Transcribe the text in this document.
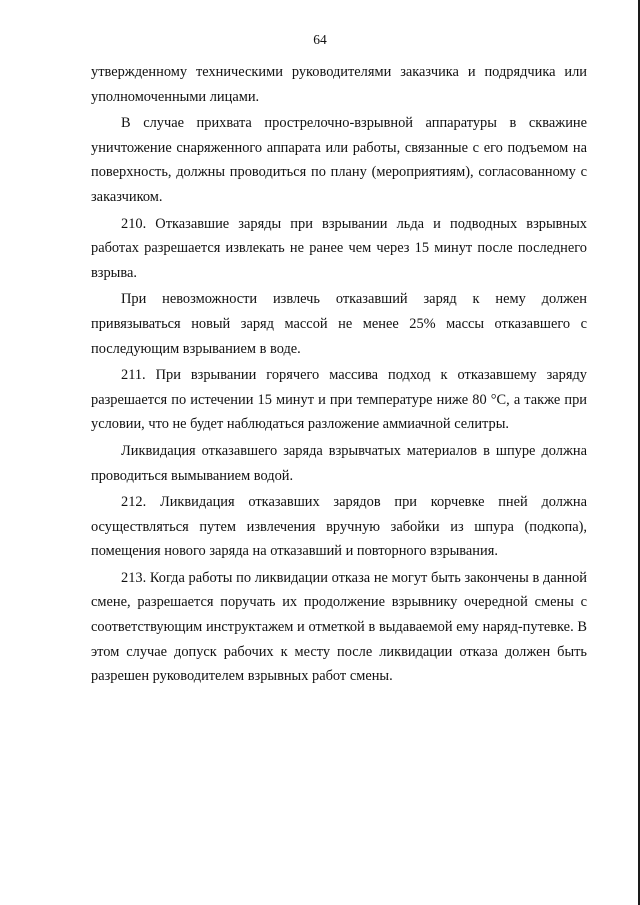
64

утвержденному техническими руководителями заказчика и подрядчика или уполномоченными лицами.

В случае прихвата прострелочно-взрывной аппаратуры в скважине уничтожение снаряженного аппарата или работы, связанные с его подъемом на поверхность, должны проводиться по плану (мероприятиям), согласованному с заказчиком.

210. Отказавшие заряды при взрывании льда и подводных взрывных работах разрешается извлекать не ранее чем через 15 минут после последнего взрыва.

При невозможности извлечь отказавший заряд к нему должен привязываться новый заряд массой не менее 25% массы отказавшего с последующим взрыванием в воде.

211. При взрывании горячего массива подход к отказавшему заряду разрешается по истечении 15 минут и при температуре ниже 80 °С, а также при условии, что не будет наблюдаться разложение аммиачной селитры.

Ликвидация отказавшего заряда взрывчатых материалов в шпуре должна проводиться вымыванием водой.

212. Ликвидация отказавших зарядов при корчевке пней должна осуществляться путем извлечения вручную забойки из шпура (подкопа), помещения нового заряда на отказавший и повторного взрывания.

213. Когда работы по ликвидации отказа не могут быть закончены в данной смене, разрешается поручать их продолжение взрывнику очередной смены с соответствующим инструктажем и отметкой в выдаваемой ему наряд-путевке. В этом случае допуск рабочих к месту после ликвидации отказа должен быть разрешен руководителем взрывных работ смены.
